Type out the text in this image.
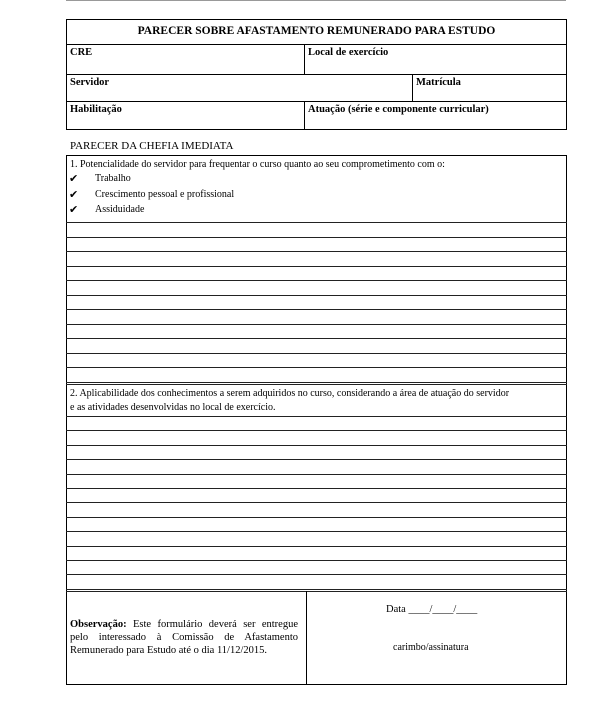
PARECER SOBRE AFASTAMENTO REMUNERADO PARA ESTUDO
CRE	Local de exercício
Servidor	Matrícula
Habilitação	Atuação (série e componente curricular)
PARECER DA CHEFIA IMEDIATA
1. Potencialidade do servidor para frequentar o curso quanto ao seu comprometimento com o:
✔ Trabalho
✔ Crescimento pessoal e profissional
✔ Assiduidade
2. Aplicabilidade dos conhecimentos a serem adquiridos no curso, considerando a área de atuação do servidor
e as atividades desenvolvidas no local de exercício.
Observação: Este formulário deverá ser entregue pelo interessado à Comissão de Afastamento Remunerado para Estudo até o dia 11/12/2015.
Data ____/____/____
carimbo/assinatura
